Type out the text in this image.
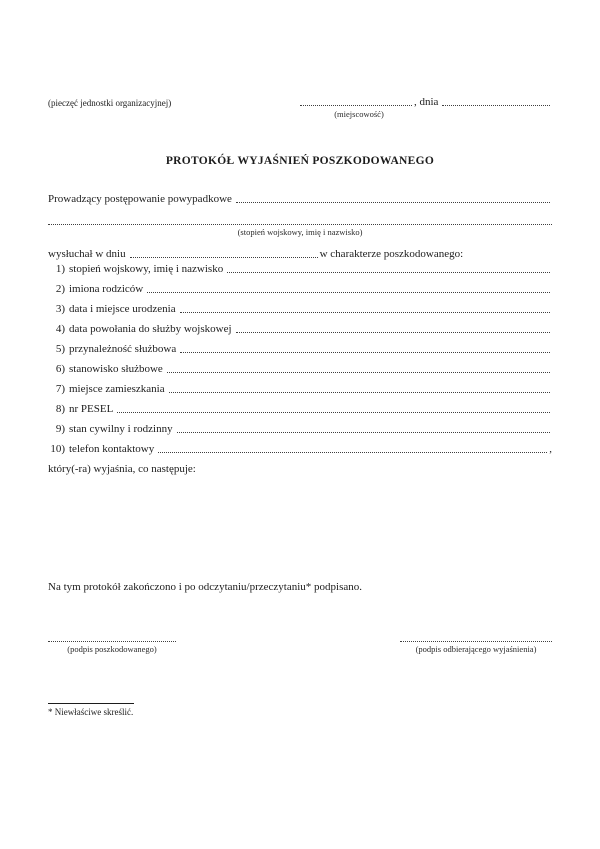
(pieczęć jednostki organizacyjnej)	, dnia
(miejscowość)
PROTOKÓŁ WYJAŚNIEŃ POSZKODOWANEGO
Prowadzący postępowanie powypadkowe
(stopień wojskowy, imię i nazwisko)
wysłuchał w dniu	w charakterze poszkodowanego:
1) stopień wojskowy, imię i nazwisko
2) imiona rodziców
3) data i miejsce urodzenia
4) data powołania do służby wojskowej
5) przynależność służbowa
6) stanowisko służbowe
7) miejsce zamieszkania
8) nr PESEL
9) stan cywilny i rodzinny
10) telefon kontaktowy	,
który(-ra) wyjaśnia, co następuje:
Na tym protokół zakończono i po odczytaniu/przeczytaniu* podpisano.
(podpis poszkodowanego)	(podpis odbierającego wyjaśnienia)
* Niewłaściwe skreślić.
